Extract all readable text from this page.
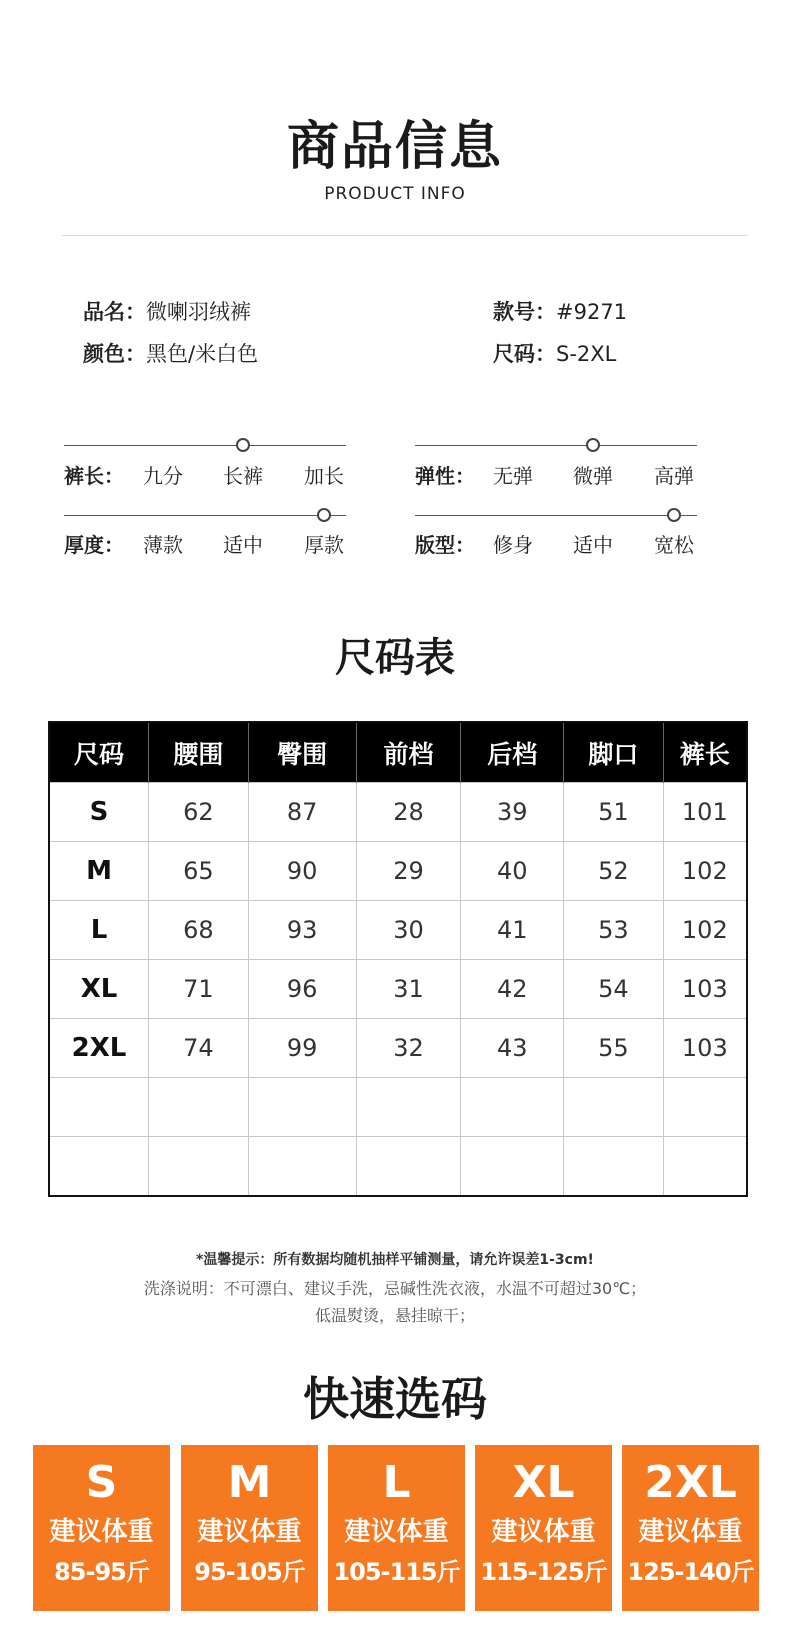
商品信息
PRODUCT INFO
品名：微喇羽绒裤	款号：#9271
颜色：黑色/米白色	尺码：S-2XL
裤长： 九分 长裤 加长	弹性： 无弹 微弹 高弹
厚度： 薄款 适中 厚款	版型： 修身 适中 宽松
尺码表
尺码	腰围	臀围	前档	后档	脚口	裤长
S	62	87	28	39	51	101
M	65	90	29	40	52	102
L	68	93	30	41	53	102
XL	71	96	31	42	54	103
2XL	74	99	32	43	55	103

*温馨提示：所有数据均随机抽样平铺测量，请允许误差1-3cm!
洗涤说明：不可漂白、建议手洗，忌碱性洗衣液，水温不可超过30℃；
低温熨烫，悬挂晾干；
快速选码
S
建议体重
85-95斤
M
建议体重
95-105斤
L
建议体重
105-115斤
XL
建议体重
115-125斤
2XL
建议体重
125-140斤
